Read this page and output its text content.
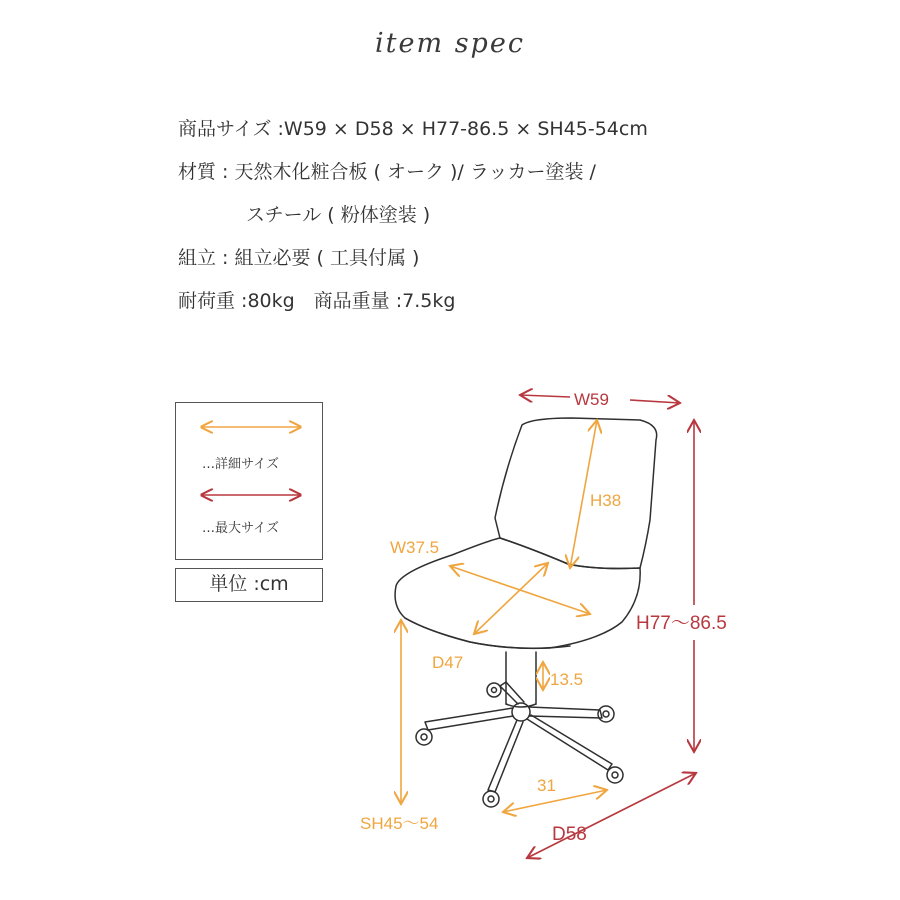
item spec
商品サイズ :W59 × D58 × H77-86.5 × SH45-54cm
材質 : 天然木化粧合板 ( オーク )/ ラッカー塗装 /
スチール ( 粉体塗装 )
組立 : 組立必要 ( 工具付属 )
耐荷重 :80kg　商品重量 :7.5kg
…詳細サイズ
…最大サイズ
単位 :cm
W59
H38
W37.5
D47
13.5
H77～86.5
31
SH45～54
D58
